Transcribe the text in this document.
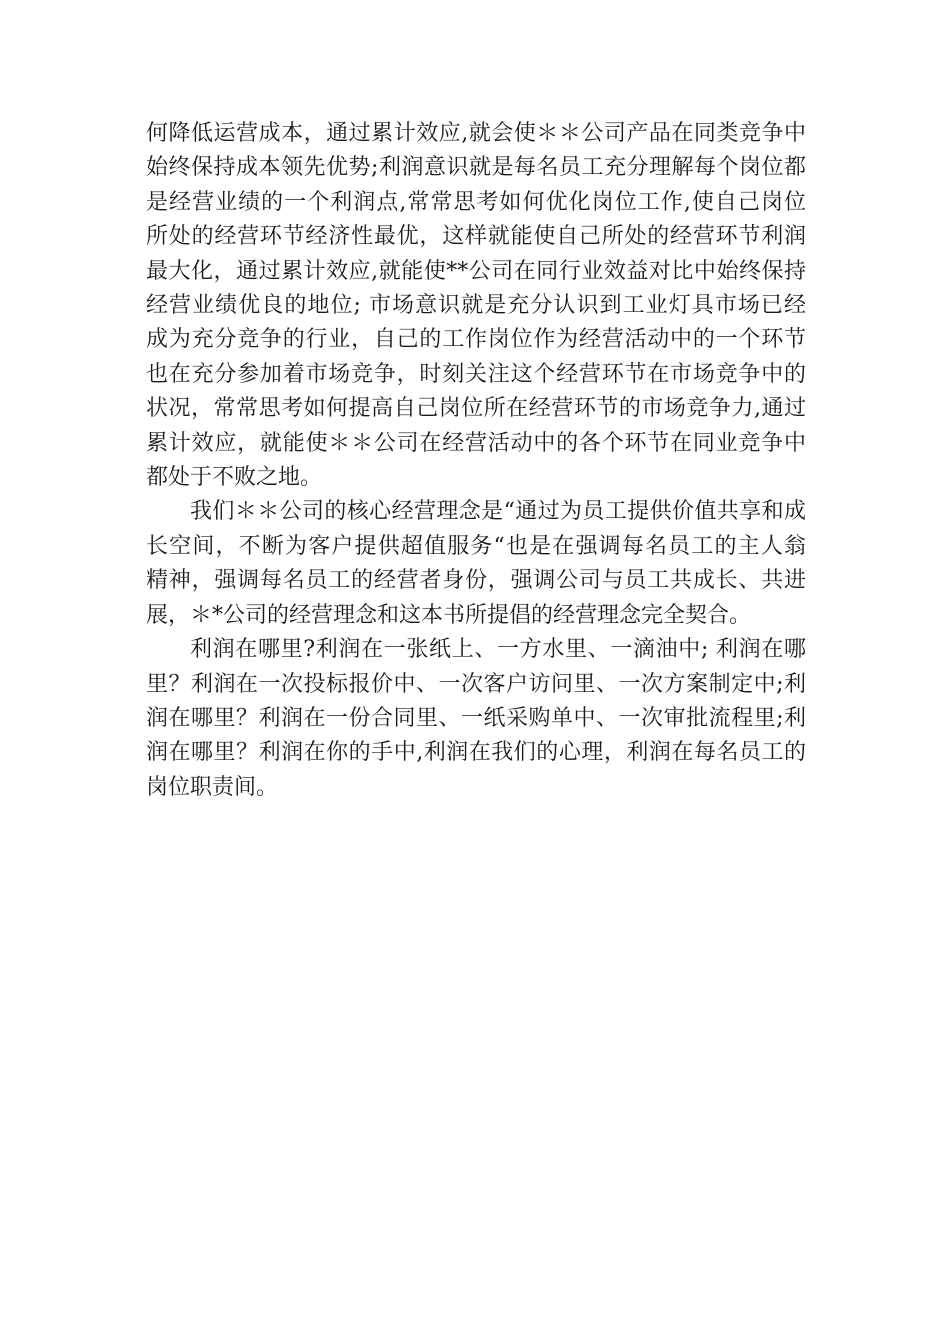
何降低运营成本，通过累计效应,就会使＊＊公司产品在同类竞争中
始终保持成本领先优势;利润意识就是每名员工充分理解每个岗位都
是经营业绩的一个利润点,常常思考如何优化岗位工作,使自己岗位
所处的经营环节经济性最优，这样就能使自己所处的经营环节利润
最大化，通过累计效应,就能使**公司在同行业效益对比中始终保持
经营业绩优良的地位; 市场意识就是充分认识到工业灯具市场已经
成为充分竞争的行业，自己的工作岗位作为经营活动中的一个环节
也在充分参加着市场竞争，时刻关注这个经营环节在市场竞争中的
状况，常常思考如何提高自己岗位所在经营环节的市场竞争力,通过
累计效应，就能使＊＊公司在经营活动中的各个环节在同业竞争中
都处于不败之地。

我们＊＊公司的核心经营理念是“通过为员工提供价值共享和成
长空间，不断为客户提供超值服务“也是在强调每名员工的主人翁
精神，强调每名员工的经营者身份，强调公司与员工共成长、共进
展，＊*公司的经营理念和这本书所提倡的经营理念完全契合。

利润在哪里?利润在一张纸上、一方水里、一滴油中; 利润在哪
里？利润在一次投标报价中、一次客户访问里、一次方案制定中;利
润在哪里？利润在一份合同里、一纸采购单中、一次审批流程里;利
润在哪里？利润在你的手中,利润在我们的心理，利润在每名员工的
岗位职责间。
